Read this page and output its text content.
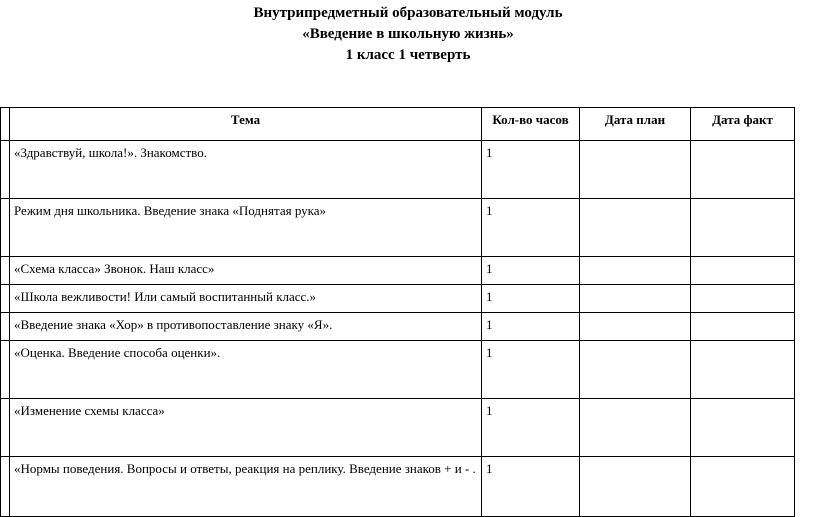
Внутрипредметный образовательный модуль
«Введение в школьную жизнь»
1 класс 1 четверть
	Тема	Кол-во часов	Дата план	Дата факт
	«Здравствуй, школа!». Знакомство.	1		
	Режим дня школьника. Введение знака «Поднятая рука»	1		
	«Схема класса» Звонок. Наш класс»	1		
	«Школа вежливости! Или самый воспитанный класс.»	1		
	«Введение знака «Хор» в противопоставление знаку «Я».	1		
	«Оценка. Введение способа оценки».	1		
	«Изменение схемы класса»	1		
	«Нормы поведения. Вопросы и ответы, реакция на реплику. Введение знаков + и - .	1		
